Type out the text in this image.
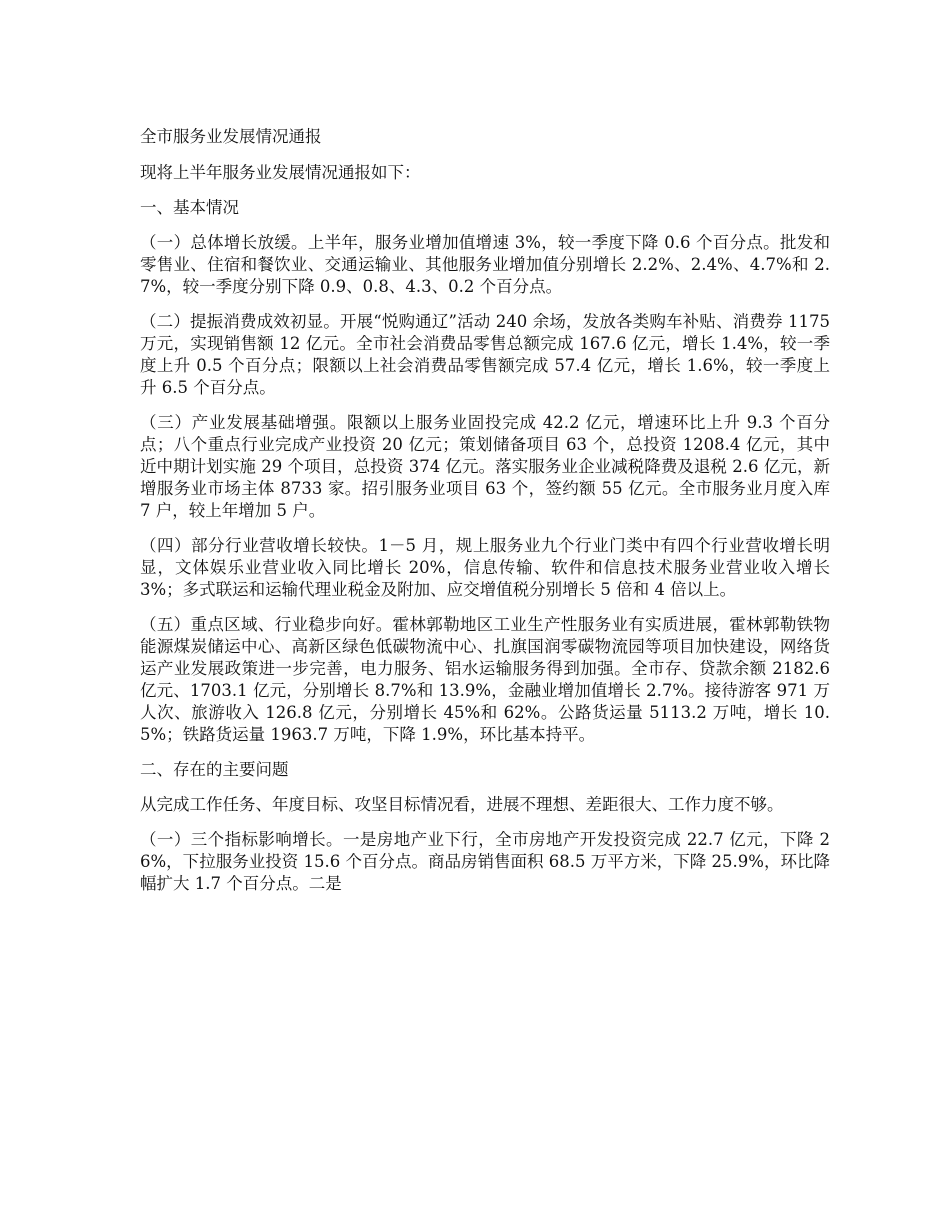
全市服务业发展情况通报

现将上半年服务业发展情况通报如下：

一、基本情况

（一）总体增长放缓。上半年，服务业增加值增速 3%，较一季度下降 0.6 个百分点。批发和零售业、住宿和餐饮业、交通运输业、其他服务业增加值分别增长 2.2%、2.4%、4.7%和 2.7%，较一季度分别下降 0.9、0.8、4.3、0.2 个百分点。

（二）提振消费成效初显。开展“悦购通辽”活动 240 余场，发放各类购车补贴、消费券 1175 万元，实现销售额 12 亿元。全市社会消费品零售总额完成 167.6 亿元，增长 1.4%，较一季度上升 0.5 个百分点；限额以上社会消费品零售额完成 57.4 亿元，增长 1.6%，较一季度上升 6.5 个百分点。

（三）产业发展基础增强。限额以上服务业固投完成 42.2 亿元，增速环比上升 9.3 个百分点；八个重点行业完成产业投资 20 亿元；策划储备项目 63 个，总投资 1208.4 亿元，其中近中期计划实施 29 个项目，总投资 374 亿元。落实服务业企业减税降费及退税 2.6 亿元，新增服务业市场主体 8733 家。招引服务业项目 63 个，签约额 55 亿元。全市服务业月度入库 7 户，较上年增加 5 户。

（四）部分行业营收增长较快。1－5 月，规上服务业九个行业门类中有四个行业营收增长明显，文体娱乐业营业收入同比增长 20%，信息传输、软件和信息技术服务业营业收入增长 3%；多式联运和运输代理业税金及附加、应交增值税分别增长 5 倍和 4 倍以上。

（五）重点区域、行业稳步向好。霍林郭勒地区工业生产性服务业有实质进展，霍林郭勒铁物能源煤炭储运中心、高新区绿色低碳物流中心、扎旗国润零碳物流园等项目加快建设，网络货运产业发展政策进一步完善，电力服务、铝水运输服务得到加强。全市存、贷款余额 2182.6 亿元、1703.1 亿元，分别增长 8.7%和 13.9%，金融业增加值增长 2.7%。接待游客 971 万人次、旅游收入 126.8 亿元，分别增长 45%和 62%。公路货运量 5113.2 万吨，增长 10.5%；铁路货运量 1963.7 万吨，下降 1.9%，环比基本持平。

二、存在的主要问题

从完成工作任务、年度目标、攻坚目标情况看，进展不理想、差距很大、工作力度不够。

（一）三个指标影响增长。一是房地产业下行，全市房地产开发投资完成 22.7 亿元，下降 26%，下拉服务业投资 15.6 个百分点。商品房销售面积 68.5 万平方米，下降 25.9%，环比降幅扩大 1.7 个百分点。二是
